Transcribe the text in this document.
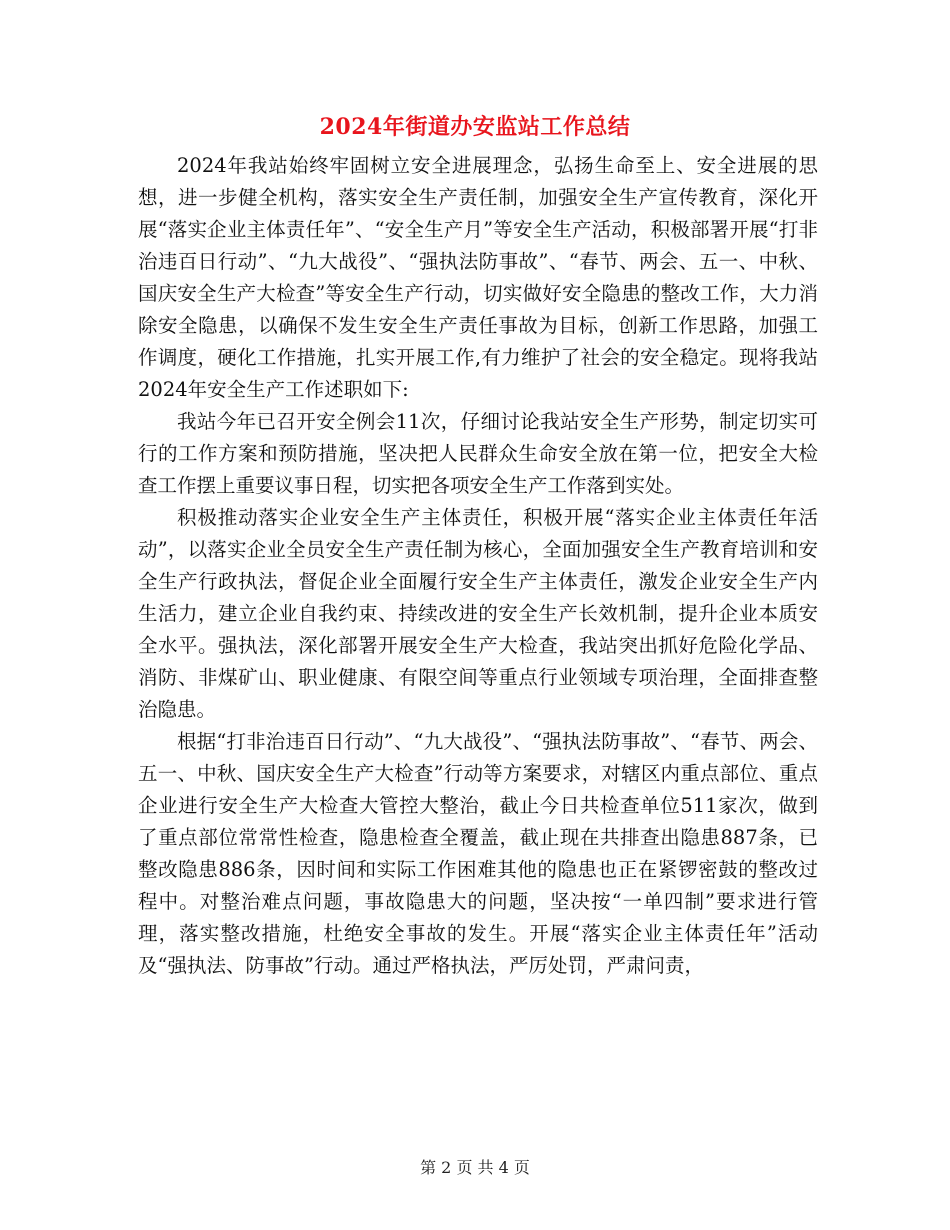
2024年街道办安监站工作总结

2024年我站始终牢固树立安全进展理念，弘扬生命至上、安全进展的思想，进一步健全机构，落实安全生产责任制，加强安全生产宣传教育，深化开展“落实企业主体责任年”、“安全生产月”等安全生产活动，积极部署开展“打非治违百日行动”、“九大战役”、“强执法防事故”、“春节、两会、五一、中秋、国庆安全生产大检查”等安全生产行动，切实做好安全隐患的整改工作，大力消除安全隐患，以确保不发生安全生产责任事故为目标，创新工作思路，加强工作调度，硬化工作措施，扎实开展工作,有力维护了社会的安全稳定。现将我站2024年安全生产工作述职如下:

我站今年已召开安全例会11次，仔细讨论我站安全生产形势，制定切实可行的工作方案和预防措施，坚决把人民群众生命安全放在第一位，把安全大检查工作摆上重要议事日程，切实把各项安全生产工作落到实处。

积极推动落实企业安全生产主体责任，积极开展“落实企业主体责任年活动”，以落实企业全员安全生产责任制为核心，全面加强安全生产教育培训和安全生产行政执法，督促企业全面履行安全生产主体责任，激发企业安全生产内生活力，建立企业自我约束、持续改进的安全生产长效机制，提升企业本质安全水平。强执法，深化部署开展安全生产大检查，我站突出抓好危险化学品、消防、非煤矿山、职业健康、有限空间等重点行业领域专项治理，全面排查整治隐患。

根据“打非治违百日行动”、“九大战役”、“强执法防事故”、“春节、两会、五一、中秋、国庆安全生产大检查”行动等方案要求，对辖区内重点部位、重点企业进行安全生产大检查大管控大整治，截止今日共检查单位511家次，做到了重点部位常常性检查，隐患检查全覆盖，截止现在共排查出隐患887条，已整改隐患886条，因时间和实际工作困难其他的隐患也正在紧锣密鼓的整改过程中。对整治难点问题，事故隐患大的问题，坚决按“一单四制”要求进行管理，落实整改措施，杜绝安全事故的发生。开展“落实企业主体责任年”活动及“强执法、防事故”行动。通过严格执法，严厉处罚，严肃问责，

第 2 页 共 4 页
